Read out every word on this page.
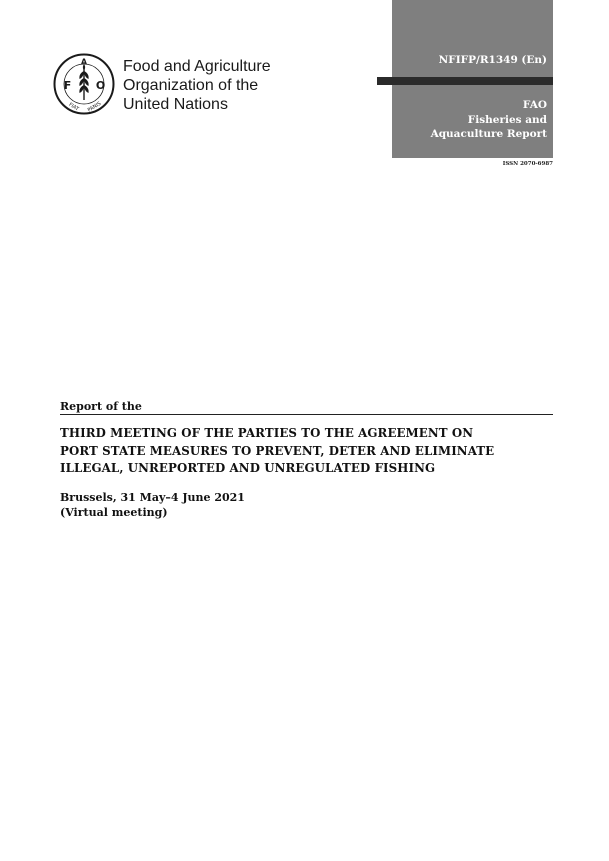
F
A
O
FIAT PANIS
Food and Agriculture
Organization of the
United Nations
NFIFP/R1349 (En)
FAO
Fisheries and
Aquaculture Report
ISSN 2070-6987
Report of the
THIRD MEETING OF THE PARTIES TO THE AGREEMENT ON
PORT STATE MEASURES TO PREVENT, DETER AND ELIMINATE
ILLEGAL, UNREPORTED AND UNREGULATED FISHING
Brussels, 31 May–4 June 2021
(Virtual meeting)
